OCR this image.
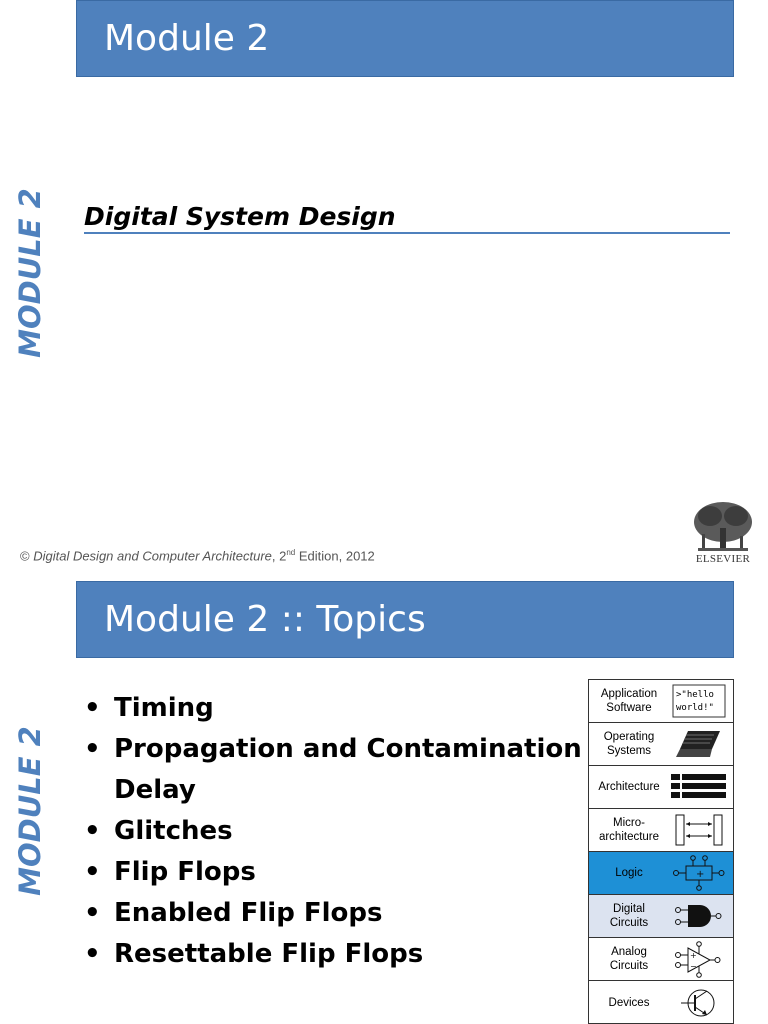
Module 2
MODULE 2 Digital System Design
© Digital Design and Computer Architecture, 2nd Edition, 2012	ELSEVIER
Module 2 :: Topics
MODULE 2
• Timing
• Propagation and Contamination Delay
• Glitches
• Flip Flops
• Enabled Flip Flops
• Resettable Flip Flops
Application
Software
>"hello
world!"
Operating
Systems
Architecture
Micro-
architecture
Logic	+
Digital
Circuits
Analog
Circuits
+
−
Devices
